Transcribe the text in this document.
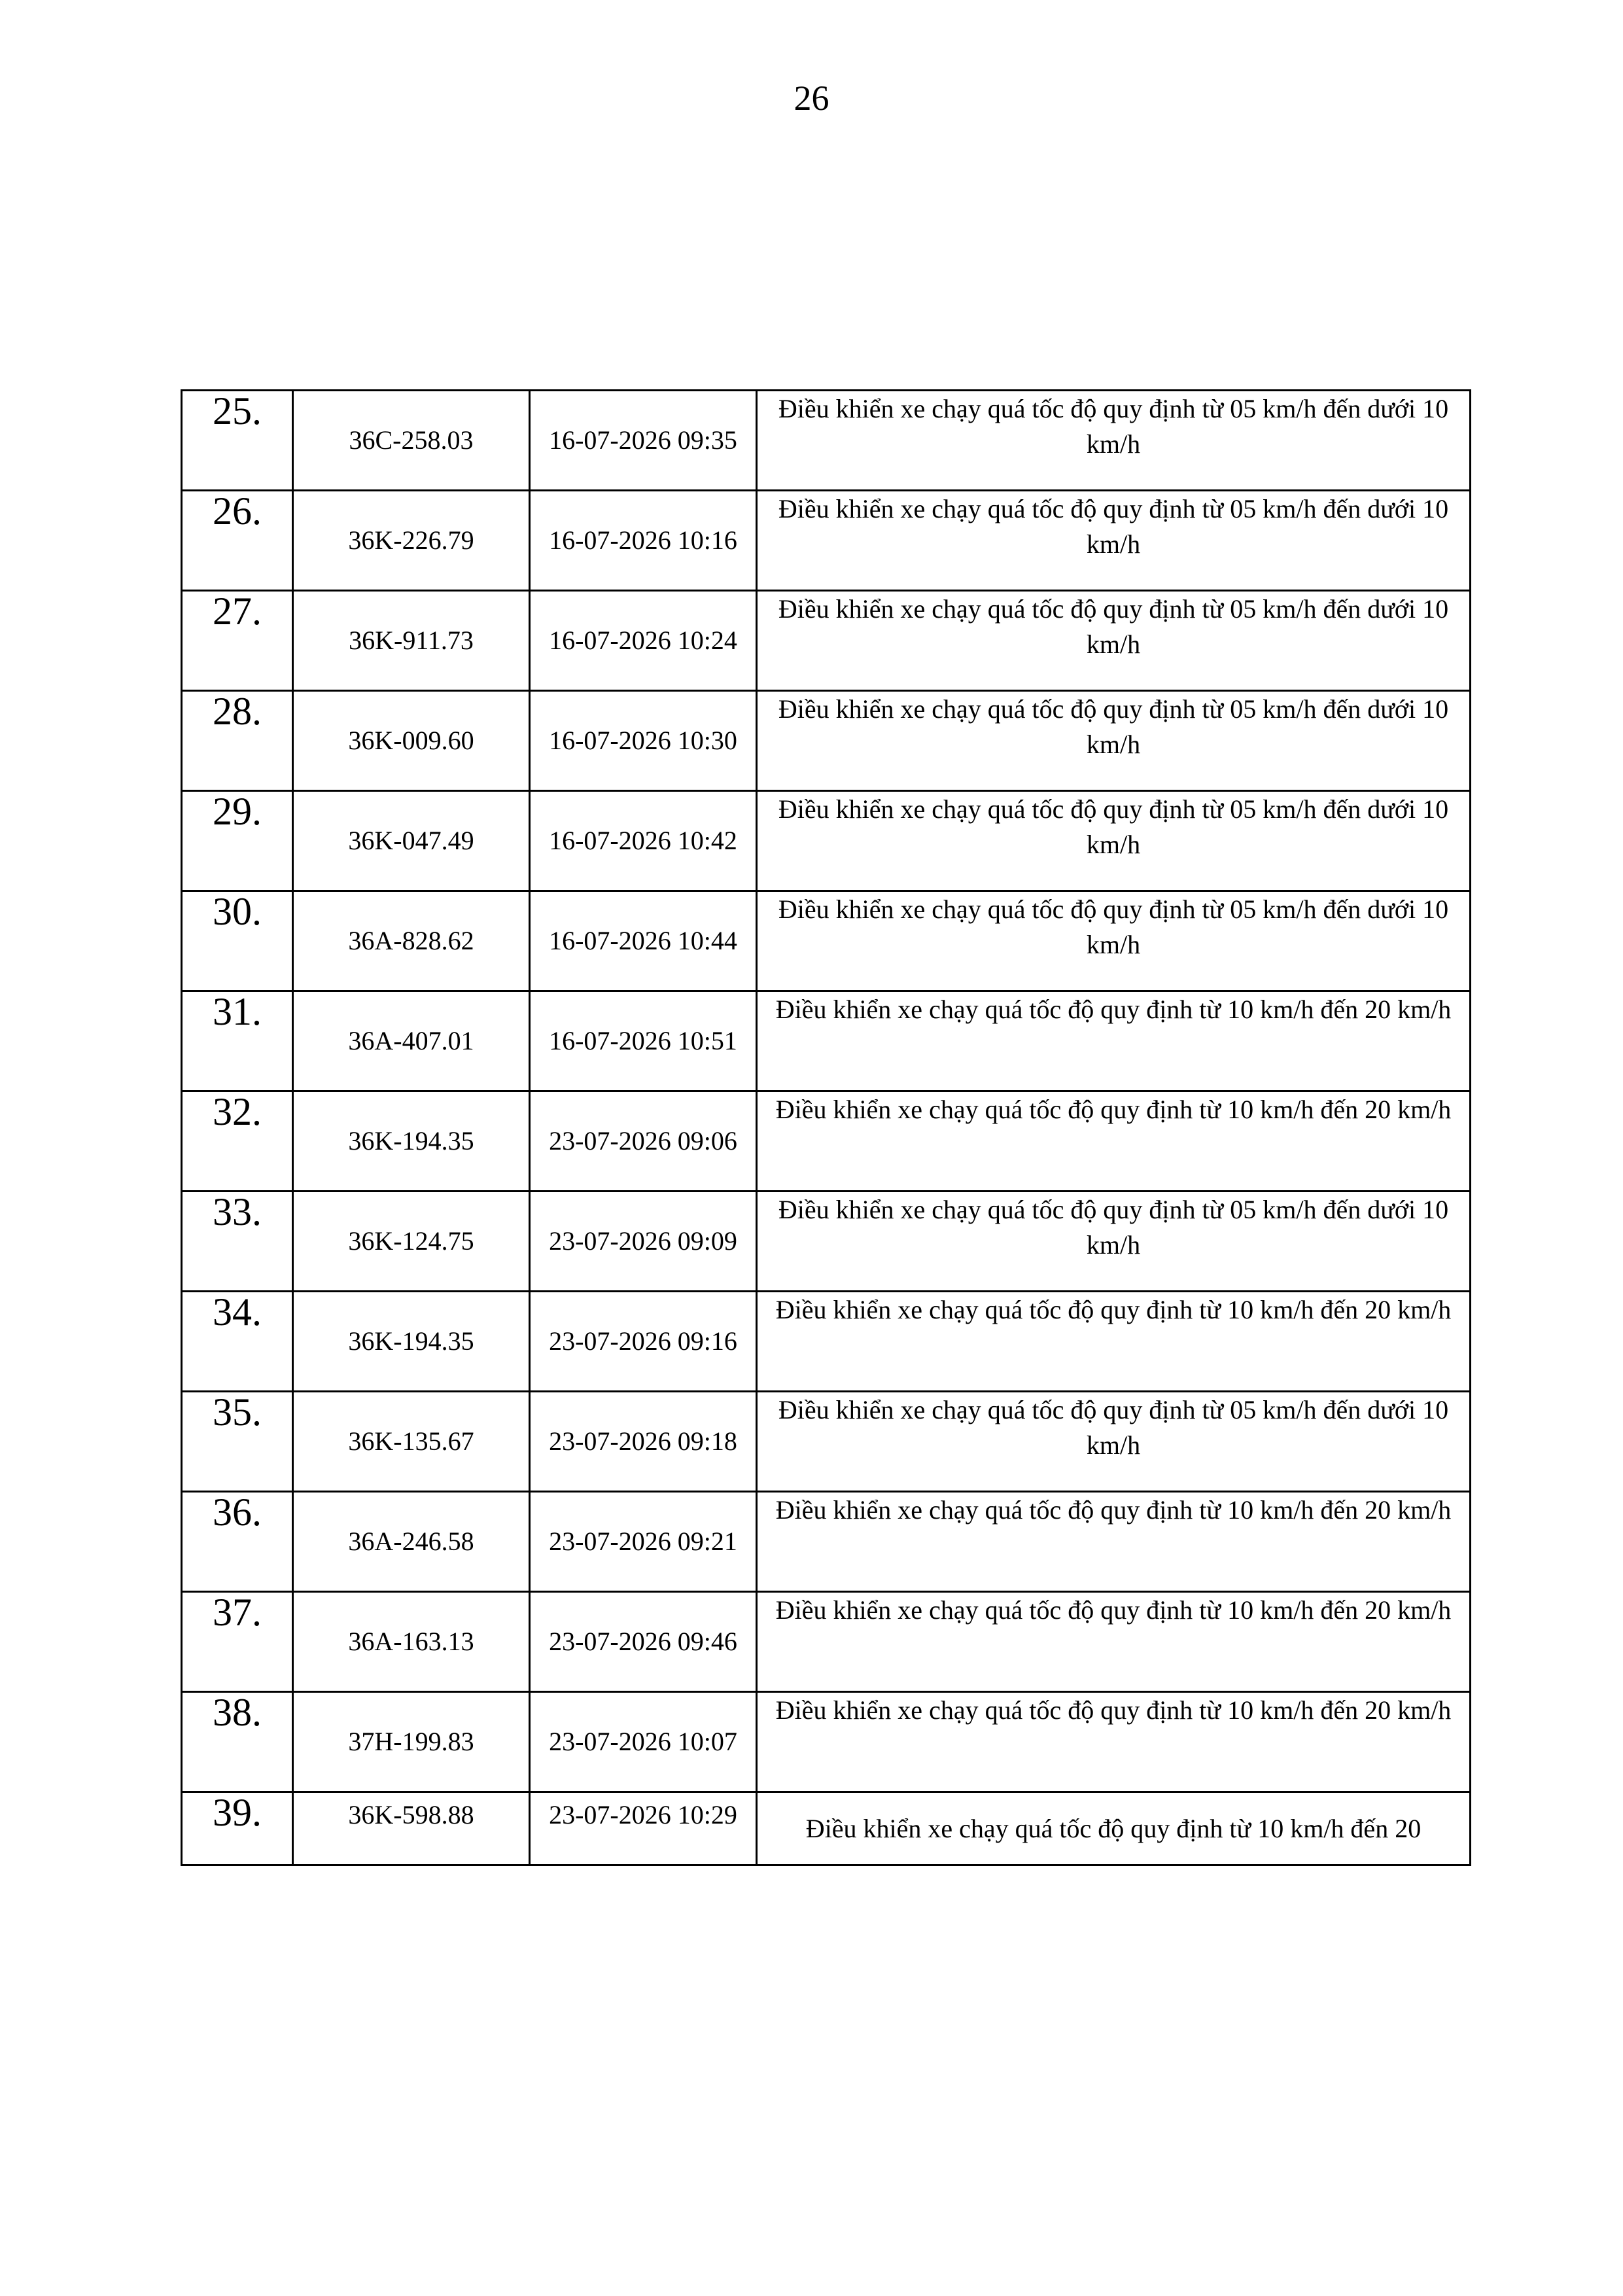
26
25.	36C-258.03	16-07-2026 09:35	Điều khiển xe chạy quá tốc độ quy định từ 05 km/h đến dưới 10 km/h
26.	36K-226.79	16-07-2026 10:16	Điều khiển xe chạy quá tốc độ quy định từ 05 km/h đến dưới 10 km/h
27.	36K-911.73	16-07-2026 10:24	Điều khiển xe chạy quá tốc độ quy định từ 05 km/h đến dưới 10 km/h
28.	36K-009.60	16-07-2026 10:30	Điều khiển xe chạy quá tốc độ quy định từ 05 km/h đến dưới 10 km/h
29.	36K-047.49	16-07-2026 10:42	Điều khiển xe chạy quá tốc độ quy định từ 05 km/h đến dưới 10 km/h
30.	36A-828.62	16-07-2026 10:44	Điều khiển xe chạy quá tốc độ quy định từ 05 km/h đến dưới 10 km/h
31.	36A-407.01	16-07-2026 10:51	Điều khiển xe chạy quá tốc độ quy định từ 10 km/h đến 20 km/h
32.	36K-194.35	23-07-2026 09:06	Điều khiển xe chạy quá tốc độ quy định từ 10 km/h đến 20 km/h
33.	36K-124.75	23-07-2026 09:09	Điều khiển xe chạy quá tốc độ quy định từ 05 km/h đến dưới 10 km/h
34.	36K-194.35	23-07-2026 09:16	Điều khiển xe chạy quá tốc độ quy định từ 10 km/h đến 20 km/h
35.	36K-135.67	23-07-2026 09:18	Điều khiển xe chạy quá tốc độ quy định từ 05 km/h đến dưới 10 km/h
36.	36A-246.58	23-07-2026 09:21	Điều khiển xe chạy quá tốc độ quy định từ 10 km/h đến 20 km/h
37.	36A-163.13	23-07-2026 09:46	Điều khiển xe chạy quá tốc độ quy định từ 10 km/h đến 20 km/h
38.	37H-199.83	23-07-2026 10:07	Điều khiển xe chạy quá tốc độ quy định từ 10 km/h đến 20 km/h
39.	36K-598.88	23-07-2026 10:29	Điều khiển xe chạy quá tốc độ quy định từ 10 km/h đến 20
